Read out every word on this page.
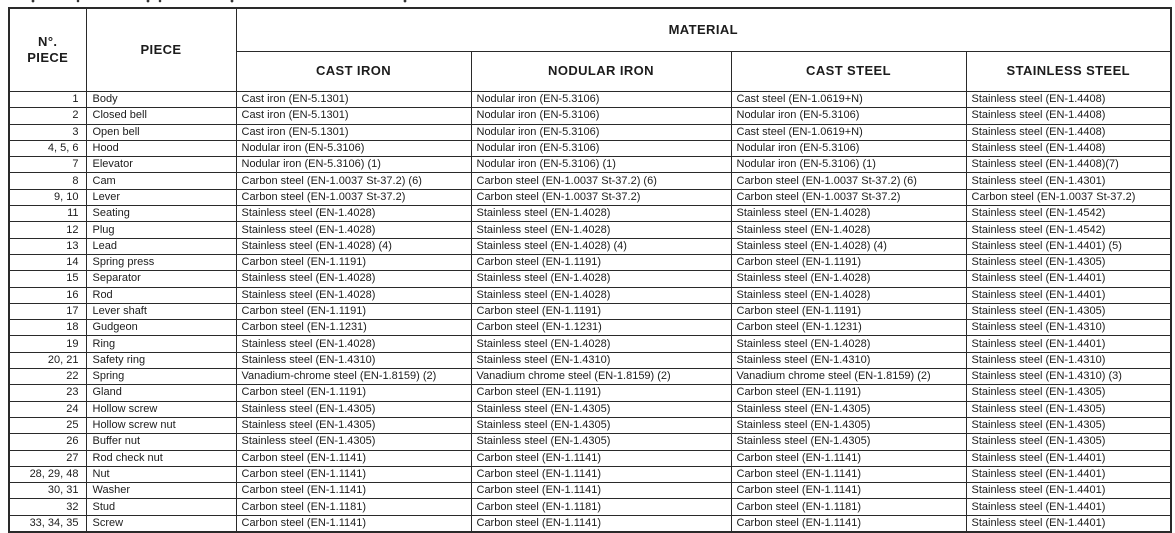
N°.
PIECE	PIECE	MATERIAL			
		CAST IRON	NODULAR IRON	CAST STEEL	STAINLESS STEEL
1	Body	Cast iron (EN-5.1301)	Nodular iron (EN-5.3106)	Cast steel (EN-1.0619+N)	Stainless steel (EN-1.4408)
2	Closed bell	Cast iron (EN-5.1301)	Nodular iron (EN-5.3106)	Nodular iron (EN-5.3106)	Stainless steel (EN-1.4408)
3	Open bell	Cast iron (EN-5.1301)	Nodular iron (EN-5.3106)	Cast steel (EN-1.0619+N)	Stainless steel (EN-1.4408)
4, 5, 6	Hood	Nodular iron (EN-5.3106)	Nodular iron (EN-5.3106)	Nodular iron (EN-5.3106)	Stainless steel (EN-1.4408)
7	Elevator	Nodular iron (EN-5.3106) (1)	Nodular iron (EN-5.3106) (1)	Nodular iron (EN-5.3106) (1)	Stainless steel (EN-1.4408)(7)
8	Cam	Carbon steel (EN-1.0037 St-37.2) (6)	Carbon steel (EN-1.0037 St-37.2) (6)	Carbon steel (EN-1.0037 St-37.2) (6)	Stainless steel (EN-1.4301)
9, 10	Lever	Carbon steel (EN-1.0037 St-37.2)	Carbon steel (EN-1.0037 St-37.2)	Carbon steel (EN-1.0037 St-37.2)	Carbon steel (EN-1.0037 St-37.2)
11	Seating	Stainless steel (EN-1.4028)	Stainless steel (EN-1.4028)	Stainless steel (EN-1.4028)	Stainless steel (EN-1.4542)
12	Plug	Stainless steel (EN-1.4028)	Stainless steel (EN-1.4028)	Stainless steel (EN-1.4028)	Stainless steel (EN-1.4542)
13	Lead	Stainless steel (EN-1.4028) (4)	Stainless steel (EN-1.4028) (4)	Stainless steel (EN-1.4028) (4)	Stainless steel (EN-1.4401) (5)
14	Spring press	Carbon steel (EN-1.1191)	Carbon steel (EN-1.1191)	Carbon steel (EN-1.1191)	Stainless steel (EN-1.4305)
15	Separator	Stainless steel (EN-1.4028)	Stainless steel (EN-1.4028)	Stainless steel (EN-1.4028)	Stainless steel (EN-1.4401)
16	Rod	Stainless steel (EN-1.4028)	Stainless steel (EN-1.4028)	Stainless steel (EN-1.4028)	Stainless steel (EN-1.4401)
17	Lever shaft	Carbon steel (EN-1.1191)	Carbon steel (EN-1.1191)	Carbon steel (EN-1.1191)	Stainless steel (EN-1.4305)
18	Gudgeon	Carbon steel (EN-1.1231)	Carbon steel (EN-1.1231)	Carbon steel (EN-1.1231)	Stainless steel (EN-1.4310)
19	Ring	Stainless steel (EN-1.4028)	Stainless steel (EN-1.4028)	Stainless steel (EN-1.4028)	Stainless steel (EN-1.4401)
20, 21	Safety ring	Stainless steel (EN-1.4310)	Stainless steel (EN-1.4310)	Stainless steel (EN-1.4310)	Stainless steel (EN-1.4310)
22	Spring	Vanadium-chrome steel (EN-1.8159) (2)	Vanadium chrome steel (EN-1.8159) (2)	Vanadium chrome steel (EN-1.8159) (2)	Stainless steel (EN-1.4310) (3)
23	Gland	Carbon steel (EN-1.1191)	Carbon steel (EN-1.1191)	Carbon steel (EN-1.1191)	Stainless steel (EN-1.4305)
24	Hollow screw	Stainless steel (EN-1.4305)	Stainless steel (EN-1.4305)	Stainless steel (EN-1.4305)	Stainless steel (EN-1.4305)
25	Hollow screw nut	Stainless steel (EN-1.4305)	Stainless steel (EN-1.4305)	Stainless steel (EN-1.4305)	Stainless steel (EN-1.4305)
26	Buffer nut	Stainless steel (EN-1.4305)	Stainless steel (EN-1.4305)	Stainless steel (EN-1.4305)	Stainless steel (EN-1.4305)
27	Rod check nut	Carbon steel (EN-1.1141)	Carbon steel (EN-1.1141)	Carbon steel (EN-1.1141)	Stainless steel (EN-1.4401)
28, 29, 48	Nut	Carbon steel (EN-1.1141)	Carbon steel (EN-1.1141)	Carbon steel (EN-1.1141)	Stainless steel (EN-1.4401)
30, 31	Washer	Carbon steel (EN-1.1141)	Carbon steel (EN-1.1141)	Carbon steel (EN-1.1141)	Stainless steel (EN-1.4401)
32	Stud	Carbon steel (EN-1.1181)	Carbon steel (EN-1.1181)	Carbon steel (EN-1.1181)	Stainless steel (EN-1.4401)
33, 34, 35	Screw	Carbon steel (EN-1.1141)	Carbon steel (EN-1.1141)	Carbon steel (EN-1.1141)	Stainless steel (EN-1.4401)
